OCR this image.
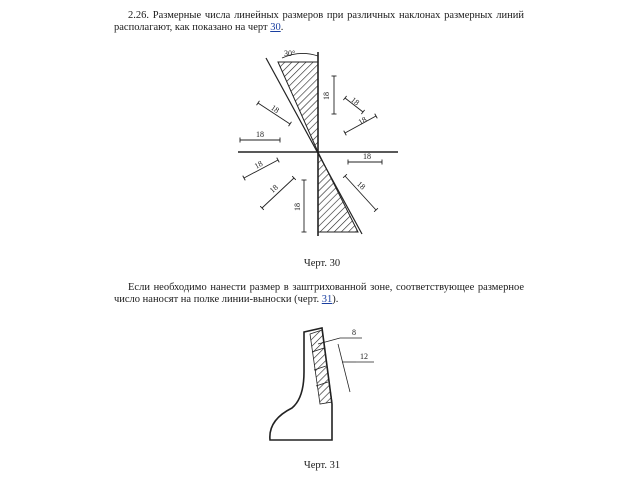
2.26. Размерные числа линейных размеров при различных наклонах размерных линий располагают, как показано на черт 30.

30°
18 18
18
18
18
18
18
18
18
18
Черт. 30

Если необходимо нанести размер в заштрихованной зоне, соответствующее размерное число наносят на полке линии-выноски (черт. 31).

8
12
Черт. 31
